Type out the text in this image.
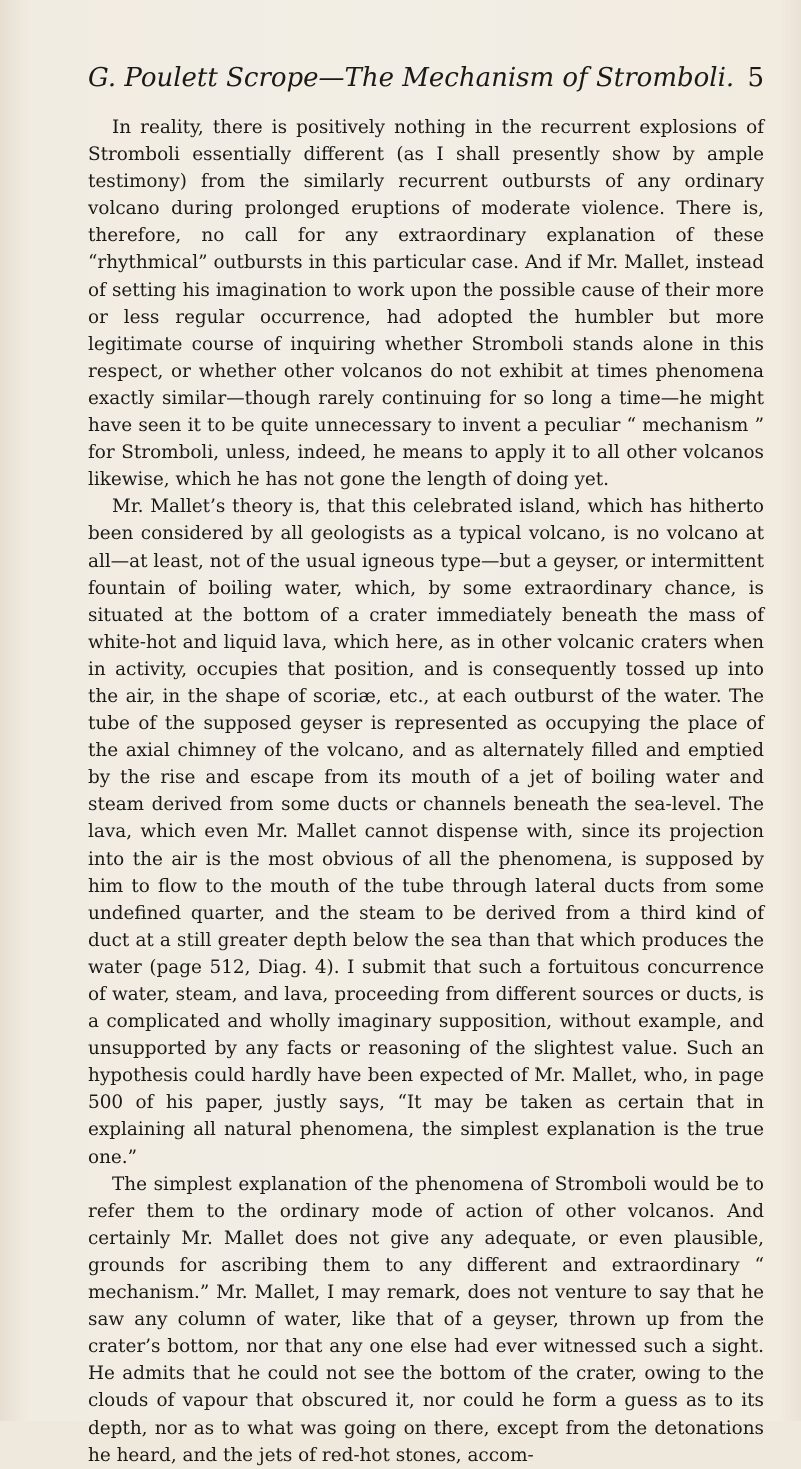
G. Poulett Scrope—The Mechanism of Stromboli. 5

In reality, there is positively nothing in the recurrent explosions of Stromboli essentially different (as I shall presently show by ample testimony) from the similarly recurrent outbursts of any ordinary volcano during prolonged eruptions of moderate violence. There is, therefore, no call for any extraordinary explanation of these “rhythmical” outbursts in this particular case. And if Mr. Mallet, instead of setting his imagination to work upon the possible cause of their more or less regular occurrence, had adopted the humbler but more legitimate course of inquiring whether Stromboli stands alone in this respect, or whether other volcanos do not exhibit at times phenomena exactly similar—though rarely continuing for so long a time—he might have seen it to be quite unnecessary to invent a peculiar “ mechanism ” for Stromboli, unless, indeed, he means to apply it to all other volcanos likewise, which he has not gone the length of doing yet.

Mr. Mallet’s theory is, that this celebrated island, which has hitherto been considered by all geologists as a typical volcano, is no volcano at all—at least, not of the usual igneous type—but a geyser, or intermittent fountain of boiling water, which, by some extraordinary chance, is situated at the bottom of a crater immediately beneath the mass of white-hot and liquid lava, which here, as in other volcanic craters when in activity, occupies that position, and is consequently tossed up into the air, in the shape of scoriæ, etc., at each outburst of the water. The tube of the supposed geyser is represented as occupying the place of the axial chimney of the volcano, and as alternately filled and emptied by the rise and escape from its mouth of a jet of boiling water and steam derived from some ducts or channels beneath the sea-level. The lava, which even Mr. Mallet cannot dispense with, since its projection into the air is the most obvious of all the phenomena, is supposed by him to flow to the mouth of the tube through lateral ducts from some undefined quarter, and the steam to be derived from a third kind of duct at a still greater depth below the sea than that which produces the water (page 512, Diag. 4). I submit that such a fortuitous concurrence of water, steam, and lava, proceeding from different sources or ducts, is a complicated and wholly imaginary supposition, without example, and unsupported by any facts or reasoning of the slightest value. Such an hypothesis could hardly have been expected of Mr. Mallet, who, in page 500 of his paper, justly says, “It may be taken as certain that in explaining all natural phenomena, the simplest explanation is the true one.”

The simplest explanation of the phenomena of Stromboli would be to refer them to the ordinary mode of action of other volcanos. And certainly Mr. Mallet does not give any adequate, or even plausible, grounds for ascribing them to any different and extraordinary “ mechanism.” Mr. Mallet, I may remark, does not venture to say that he saw any column of water, like that of a geyser, thrown up from the crater’s bottom, nor that any one else had ever witnessed such a sight. He admits that he could not see the bottom of the crater, owing to the clouds of vapour that obscured it, nor could he form a guess as to its depth, nor as to what was going on there, except from the detonations he heard, and the jets of red-hot stones, accom-
